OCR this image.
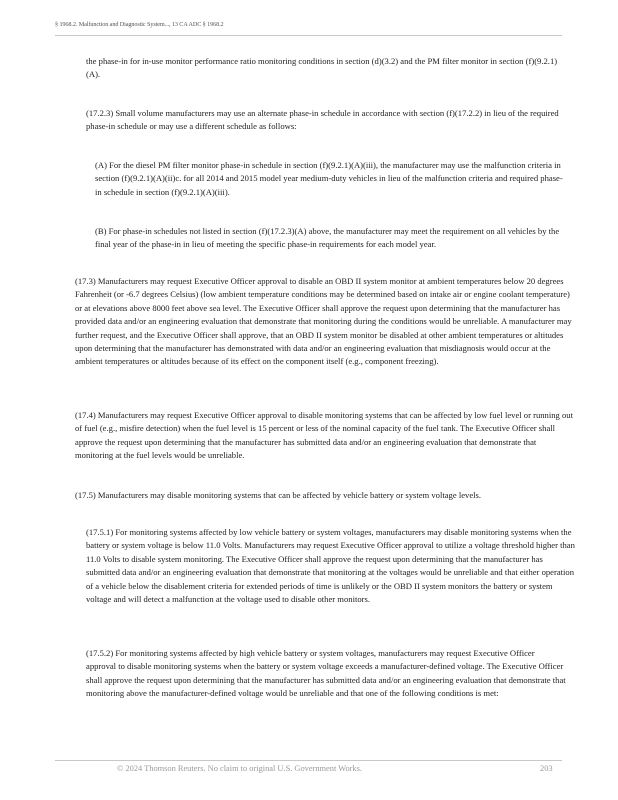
§ 1968.2. Malfunction and Diagnostic System..., 13 CA ADC § 1968.2

the phase-in for in-use monitor performance ratio monitoring conditions in section (d)(3.2) and the PM filter monitor in section (f)(9.2.1)(A).

(17.2.3) Small volume manufacturers may use an alternate phase-in schedule in accordance with section (f)(17.2.2) in lieu of the required phase-in schedule or may use a different schedule as follows:

(A) For the diesel PM filter monitor phase-in schedule in section (f)(9.2.1)(A)(iii), the manufacturer may use the malfunction criteria in section (f)(9.2.1)(A)(ii)c. for all 2014 and 2015 model year medium-duty vehicles in lieu of the malfunction criteria and required phase-in schedule in section (f)(9.2.1)(A)(iii).

(B) For phase-in schedules not listed in section (f)(17.2.3)(A) above, the manufacturer may meet the requirement on all vehicles by the final year of the phase-in in lieu of meeting the specific phase-in requirements for each model year.

(17.3) Manufacturers may request Executive Officer approval to disable an OBD II system monitor at ambient temperatures below 20 degrees Fahrenheit (or -6.7 degrees Celsius) (low ambient temperature conditions may be determined based on intake air or engine coolant temperature) or at elevations above 8000 feet above sea level. The Executive Officer shall approve the request upon determining that the manufacturer has provided data and/or an engineering evaluation that demonstrate that monitoring during the conditions would be unreliable. A manufacturer may further request, and the Executive Officer shall approve, that an OBD II system monitor be disabled at other ambient temperatures or altitudes upon determining that the manufacturer has demonstrated with data and/or an engineering evaluation that misdiagnosis would occur at the ambient temperatures or altitudes because of its effect on the component itself (e.g., component freezing).

(17.4) Manufacturers may request Executive Officer approval to disable monitoring systems that can be affected by low fuel level or running out of fuel (e.g., misfire detection) when the fuel level is 15 percent or less of the nominal capacity of the fuel tank. The Executive Officer shall approve the request upon determining that the manufacturer has submitted data and/or an engineering evaluation that demonstrate that monitoring at the fuel levels would be unreliable.

(17.5) Manufacturers may disable monitoring systems that can be affected by vehicle battery or system voltage levels.

(17.5.1) For monitoring systems affected by low vehicle battery or system voltages, manufacturers may disable monitoring systems when the battery or system voltage is below 11.0 Volts. Manufacturers may request Executive Officer approval to utilize a voltage threshold higher than 11.0 Volts to disable system monitoring. The Executive Officer shall approve the request upon determining that the manufacturer has submitted data and/or an engineering evaluation that demonstrate that monitoring at the voltages would be unreliable and that either operation of a vehicle below the disablement criteria for extended periods of time is unlikely or the OBD II system monitors the battery or system voltage and will detect a malfunction at the voltage used to disable other monitors.

(17.5.2) For monitoring systems affected by high vehicle battery or system voltages, manufacturers may request Executive Officer approval to disable monitoring systems when the battery or system voltage exceeds a manufacturer-defined voltage. The Executive Officer shall approve the request upon determining that the manufacturer has submitted data and/or an engineering evaluation that demonstrate that monitoring above the manufacturer-defined voltage would be unreliable and that one of the following conditions is met:

© 2024 Thomson Reuters. No claim to original U.S. Government Works.	203
